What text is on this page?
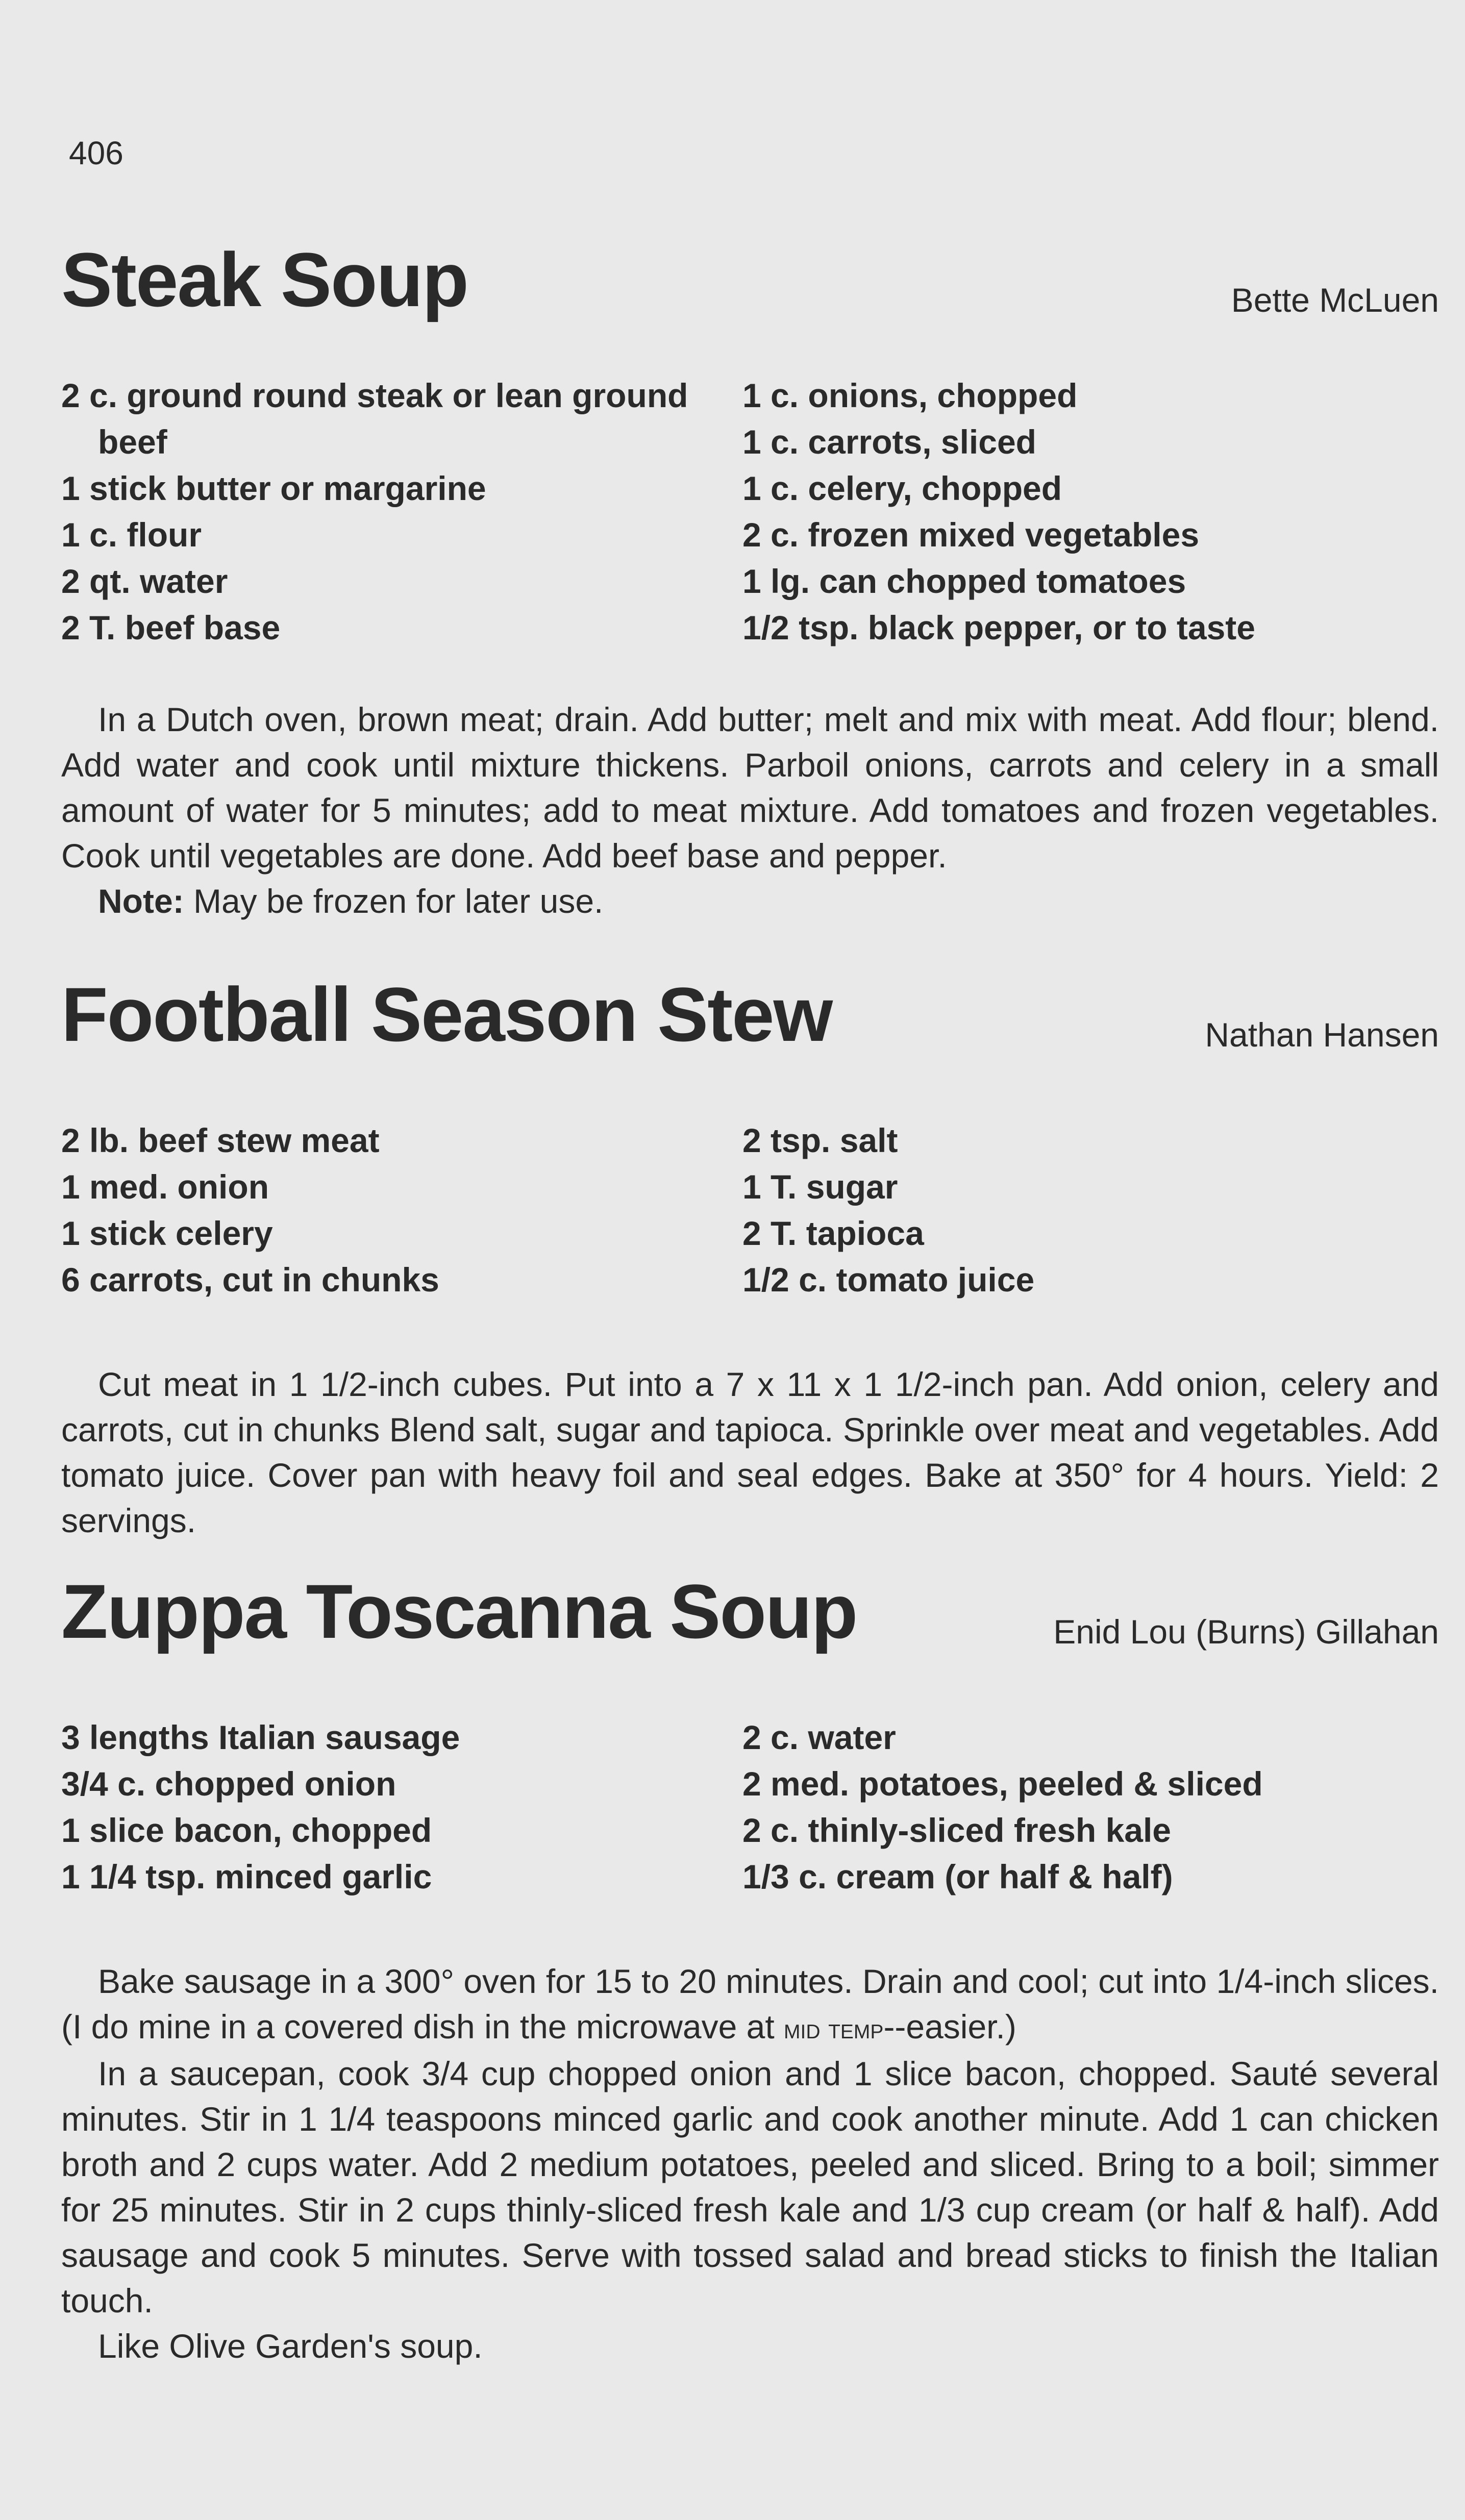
406
Steak Soup	Bette McLuen
2 c. ground round steak or lean ground beef
1 stick butter or margarine
1 c. flour
2 qt. water
2 T. beef base
1 c. onions, chopped
1 c. carrots, sliced
1 c. celery, chopped
2 c. frozen mixed vegetables
1 lg. can chopped tomatoes
1/2 tsp. black pepper, or to taste

In a Dutch oven, brown meat; drain. Add butter; melt and mix with meat. Add flour; blend. Add water and cook until mixture thickens. Parboil onions, carrots and celery in a small amount of water for 5 minutes; add to meat mixture. Add tomatoes and frozen vegetables. Cook until vegetables are done. Add beef base and pepper.

Note: May be frozen for later use.

Football Season Stew	Nathan Hansen
2 lb. beef stew meat
1 med. onion
1 stick celery
6 carrots, cut in chunks
2 tsp. salt
1 T. sugar
2 T. tapioca
1/2 c. tomato juice

Cut meat in 1 1/2-inch cubes. Put into a 7 x 11 x 1 1/2-inch pan. Add onion, celery and carrots, cut in chunks Blend salt, sugar and tapioca. Sprinkle over meat and vegetables. Add tomato juice. Cover pan with heavy foil and seal edges. Bake at 350° for 4 hours. Yield: 2 servings.

Zuppa Toscanna Soup	Enid Lou (Burns) Gillahan
3 lengths Italian sausage
3/4 c. chopped onion
1 slice bacon, chopped
1 1/4 tsp. minced garlic
2 c. water
2 med. potatoes, peeled & sliced
2 c. thinly-sliced fresh kale
1/3 c. cream (or half & half)

Bake sausage in a 300° oven for 15 to 20 minutes. Drain and cool; cut into 1/4-inch slices. (I do mine in a covered dish in the microwave at mid temp--easier.)

In a saucepan, cook 3/4 cup chopped onion and 1 slice bacon, chopped. Sauté several minutes. Stir in 1 1/4 teaspoons minced garlic and cook another minute. Add 1 can chicken broth and 2 cups water. Add 2 medium potatoes, peeled and sliced. Bring to a boil; simmer for 25 minutes. Stir in 2 cups thinly-sliced fresh kale and 1/3 cup cream (or half & half). Add sausage and cook 5 minutes. Serve with tossed salad and bread sticks to finish the Italian touch.

Like Olive Garden's soup.
